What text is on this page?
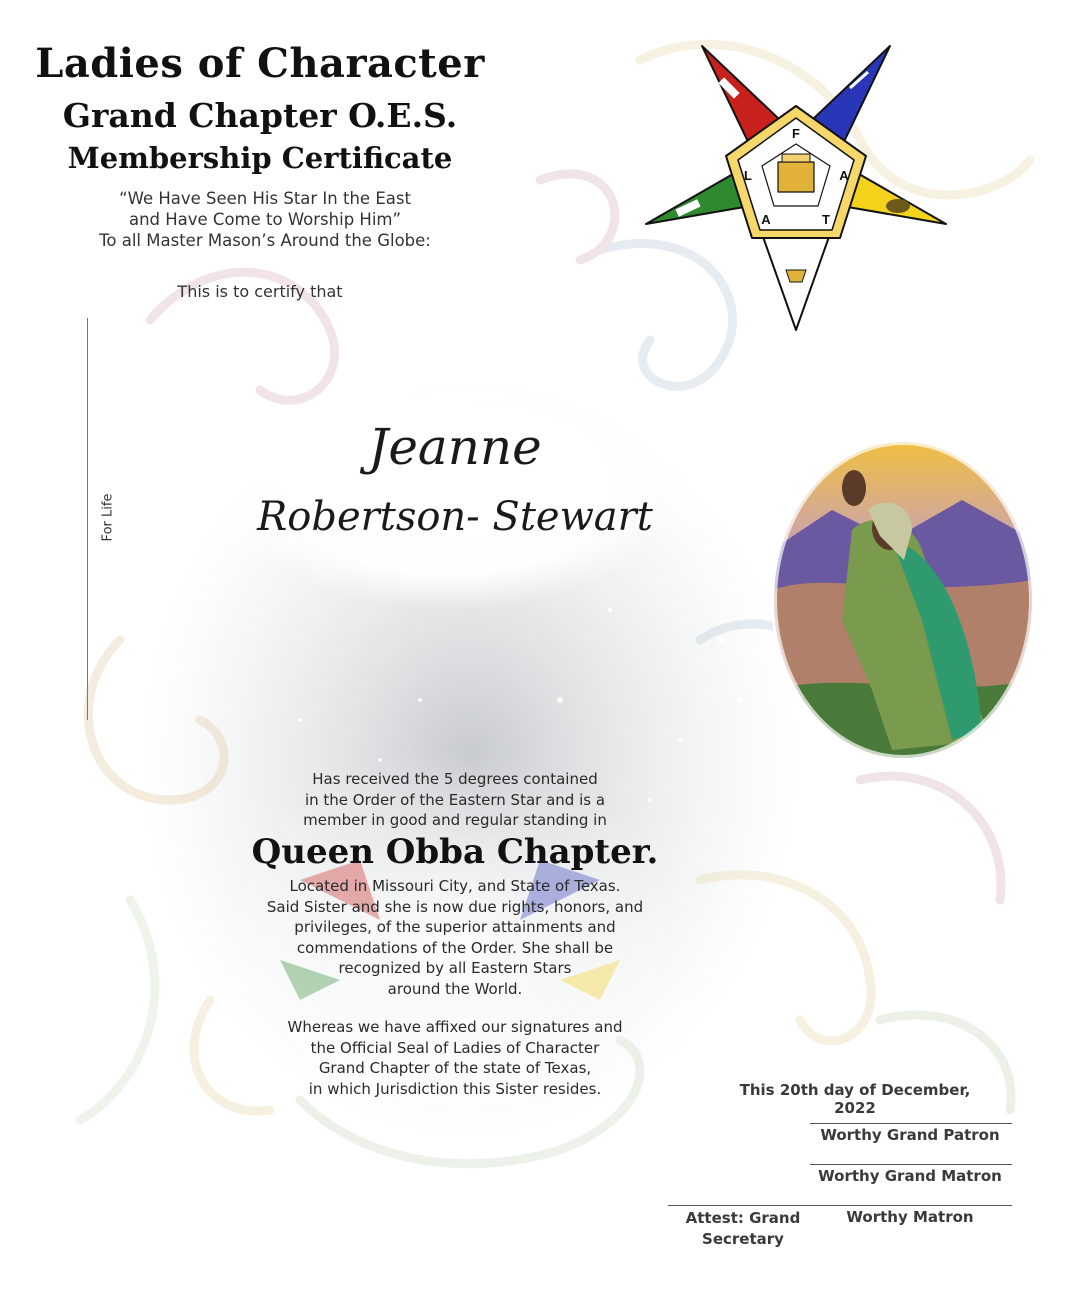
Ladies of Character
Grand Chapter O.E.S.
Membership Certificate
“We Have Seen His Star In the East
and Have Come to Worship Him”
To all Master Mason’s Around the Globe:
This is to certify that
For Life
Jeanne
Robertson- Stewart
F
A
T
A
L
Has received the 5 degrees contained
in the Order of the Eastern Star and is a
member in good and regular standing in
Queen Obba Chapter.
Located in Missouri City, and State of Texas.
Said Sister and she is now due rights, honors, and
privileges, of the superior attainments and
commendations of the Order. She shall be
recognized by all Eastern Stars
around the World.
Whereas we have affixed our signatures and
the Official Seal of Ladies of Character
Grand Chapter of the state of Texas,
in which Jurisdiction this Sister resides.	This 20th day of December, 2022
Worthy Grand Patron
Worthy Grand Matron
Attest: Grand
Secretary
Worthy Matron
